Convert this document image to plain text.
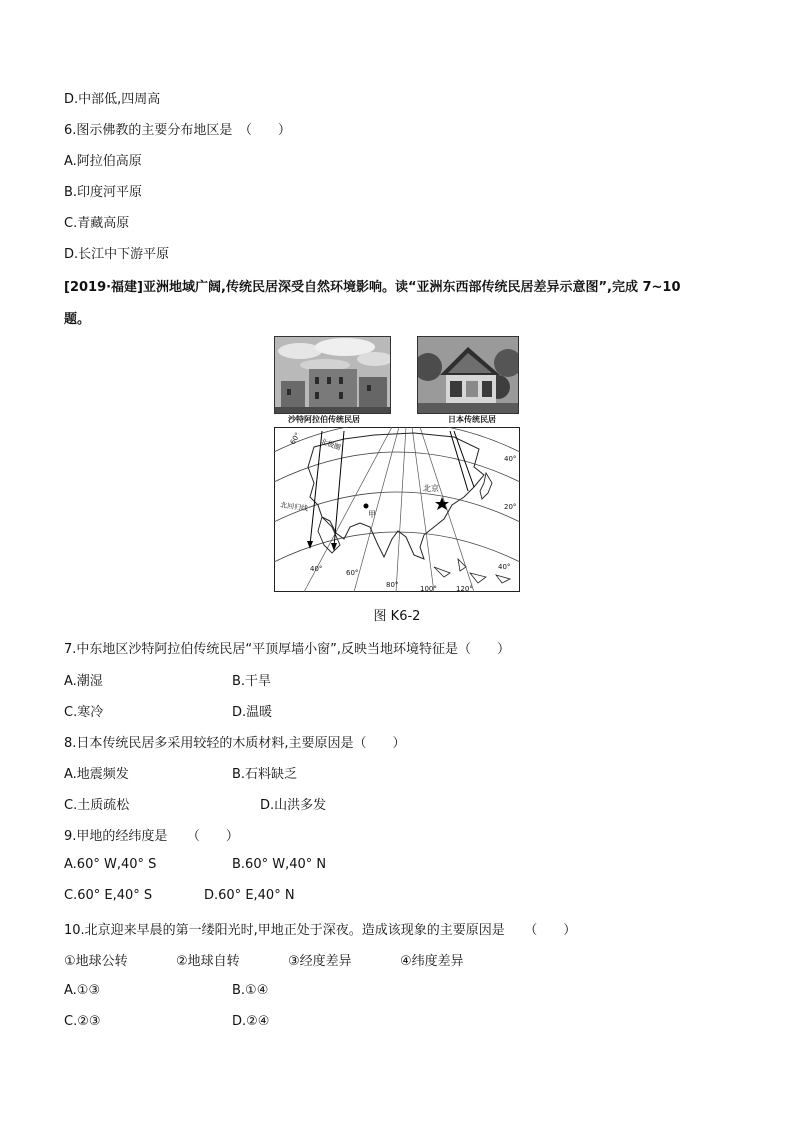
D.中部低,四周高
6.图示佛教的主要分布地区是　（　　）
A.阿拉伯高原
B.印度河平原
C.青藏高原
D.长江中下游平原
[2019·福建]亚洲地域广阔,传统民居深受自然环境影响。读“亚洲东西部传统民居差异示意图”,完成 7~10
题。
沙特阿拉伯传统民居	日本传统民居
北极圈
北回归线
北京
甲
40°
20°
60°
40°	60°
80°	100°	120°
40°
图 K6-2
7.中东地区沙特阿拉伯传统民居“平顶厚墙小窗”,反映当地环境特征是（　　）
A.潮湿	B.干旱
C.寒冷	D.温暖
8.日本传统民居多采用较轻的木质材料,主要原因是（　　）
A.地震频发	B.石料缺乏
C.土质疏松	D.山洪多发
9.甲地的经纬度是　　（　　）
A.60° W,40° S	B.60° W,40° N
C.60° E,40° S	D.60° E,40° N
10.北京迎来早晨的第一缕阳光时,甲地正处于深夜。造成该现象的主要原因是　　（　　）
①地球公转	②地球自转	③经度差异	④纬度差异
A.①③	B.①④
C.②③	D.②④
